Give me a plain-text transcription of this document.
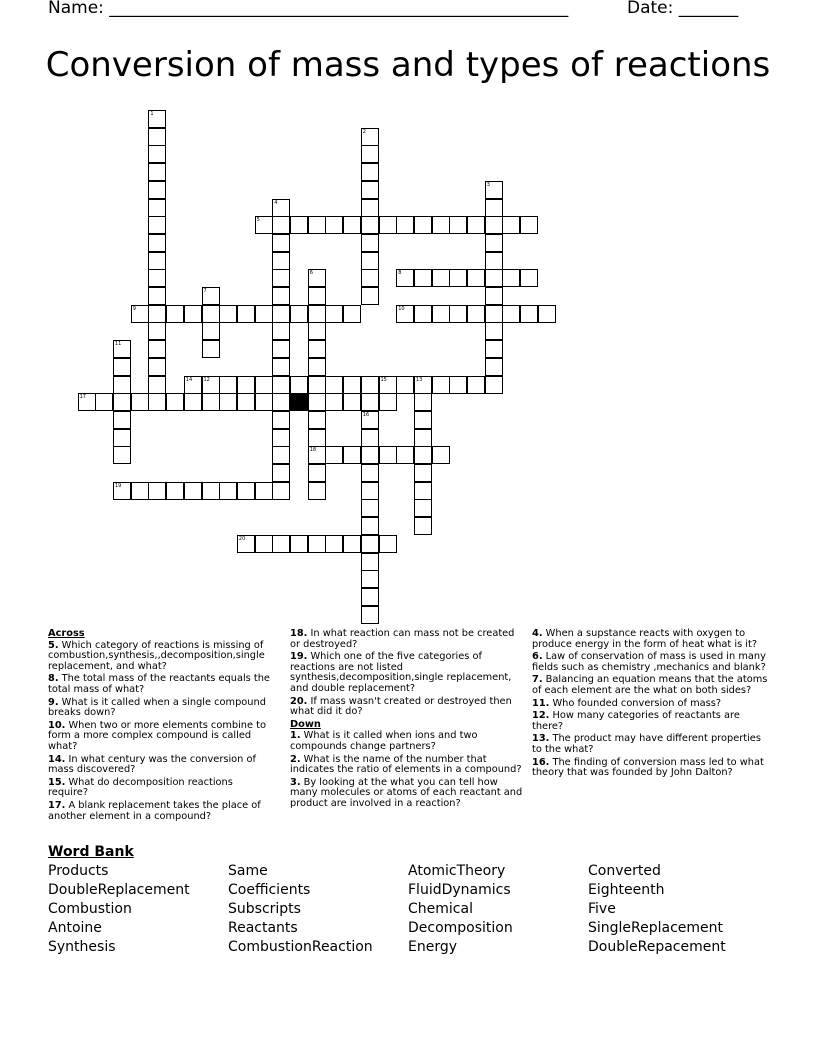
Name: ______________________________________________________	Date: _______
Conversion of mass and types of reactions
5
8
9	10
14 12	15	13
17
18
19
20
1
2
3
4
6
7
11
16
Across
5. Which category of reactions is missing of combustion,synthesis,,decomposition,single replacement, and what?
8. The total mass of the reactants equals the total mass of what?
9. What is it called when a single compound breaks down?
10. When two or more elements combine to form a more complex compound is called what?
14. In what century was the conversion of mass discovered?
15. What do decomposition reactions require?
17. A blank replacement takes the place of another element in a compound?
18. In what reaction can mass not be created or destroyed?
19. Which one of the five categories of reactions are not listed synthesis,decomposition,single replacement, and double replacement?
20. If mass wasn't created or destroyed then what did it do?
Down
1. What is it called when ions and two compounds change partners?
2. What is the name of the number that indicates the ratio of elements in a compound?
3. By looking at the what you can tell how many molecules or atoms of each reactant and product are involved in a reaction?
4. When a supstance reacts with oxygen to produce energy in the form of heat what is it?
6. Law of conservation of mass is used in many fields such as chemistry ,mechanics and blank?
7. Balancing an equation means that the atoms of each element are the what on both sides?
11. Who founded conversion of mass?
12. How many categories of reactants are there?
13. The product may have different properties to the what?
16. The finding of conversion mass led to what theory that was founded by John Dalton?
Word Bank
Products
DoubleReplacement
Combustion
Antoine
Synthesis
Same
Coefficients
Subscripts
Reactants
CombustionReaction
AtomicTheory
FluidDynamics
Chemical
Decomposition
Energy
Converted
Eighteenth
Five
SingleReplacement
DoubleRepacement
